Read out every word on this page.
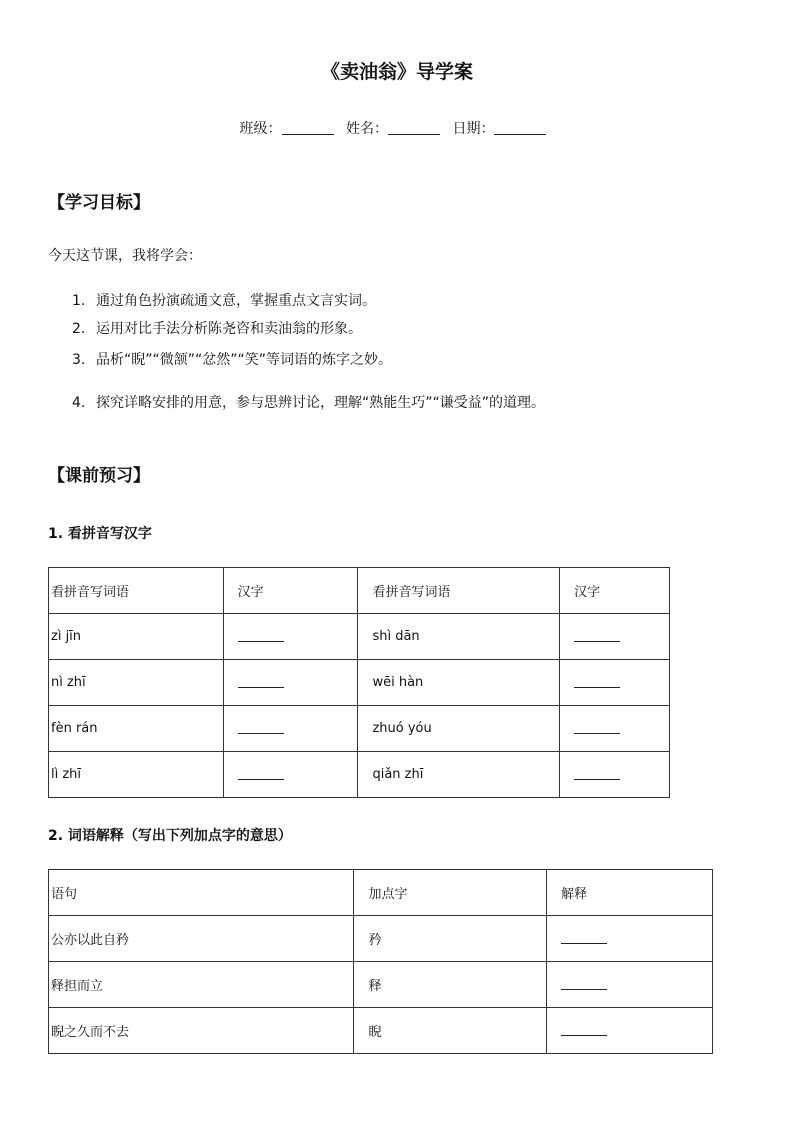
《卖油翁》导学案
班级：	姓名：	日期：
【学习目标】
今天这节课，我将学会：
1. 通过角色扮演疏通文意，掌握重点文言实词。
2. 运用对比手法分析陈尧咨和卖油翁的形象。
3. 品析“睨”“微颔”“忿然”“笑”等词语的炼字之妙。
4. 探究详略安排的用意，参与思辨讨论，理解“熟能生巧”“谦受益”的道理。
【课前预习】
1. 看拼音写汉字
看拼音写词语	汉字	看拼音写词语	汉字
zì jīn		shì dān	
nì zhī		wēi hàn	
fèn rán		zhuó yóu	
lì zhī		qiǎn zhī	
2. 词语解释（写出下列加点字的意思）
语句	加点字	解释
公亦以此自矜	矜	
释担而立	释	
睨之久而不去	睨	
